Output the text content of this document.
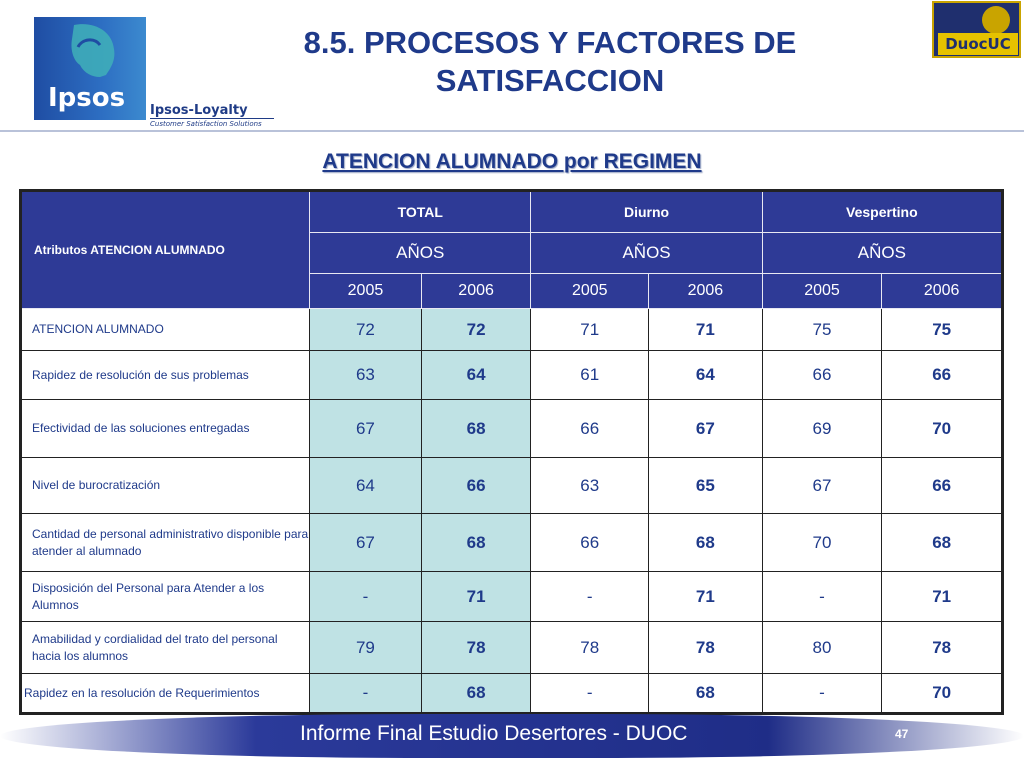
Ipsos Ipsos-Loyalty
Customer Satisfaction Solutions
DuocUC
8.5. PROCESOS Y FACTORES DE
SATISFACCION
ATENCION ALUMNADO por REGIMEN
Atributos ATENCION ALUMNADO	TOTAL		Diurno		Vespertino	
	AÑOS		AÑOS		AÑOS	
	2005	2006	2005	2006	2005	2006
ATENCION ALUMNADO	72	72	71	71	75	75
Rapidez de resolución de sus problemas	63	64	61	64	66	66
Efectividad de las soluciones entregadas	67	68	66	67	69	70
Nivel de burocratización	64	66	63	65	67	66
Cantidad de personal administrativo disponible para atender al alumnado	67	68	66	68	70	68
Disposición del Personal para Atender a los Alumnos	-	71	-	71	-	71
Amabilidad y cordialidad del trato del personal hacia los alumnos	79	78	78	78	80	78
Rapidez en la resolución de Requerimientos	-	68	-	68	-	70
Informe Final Estudio Desertores - DUOC	47
